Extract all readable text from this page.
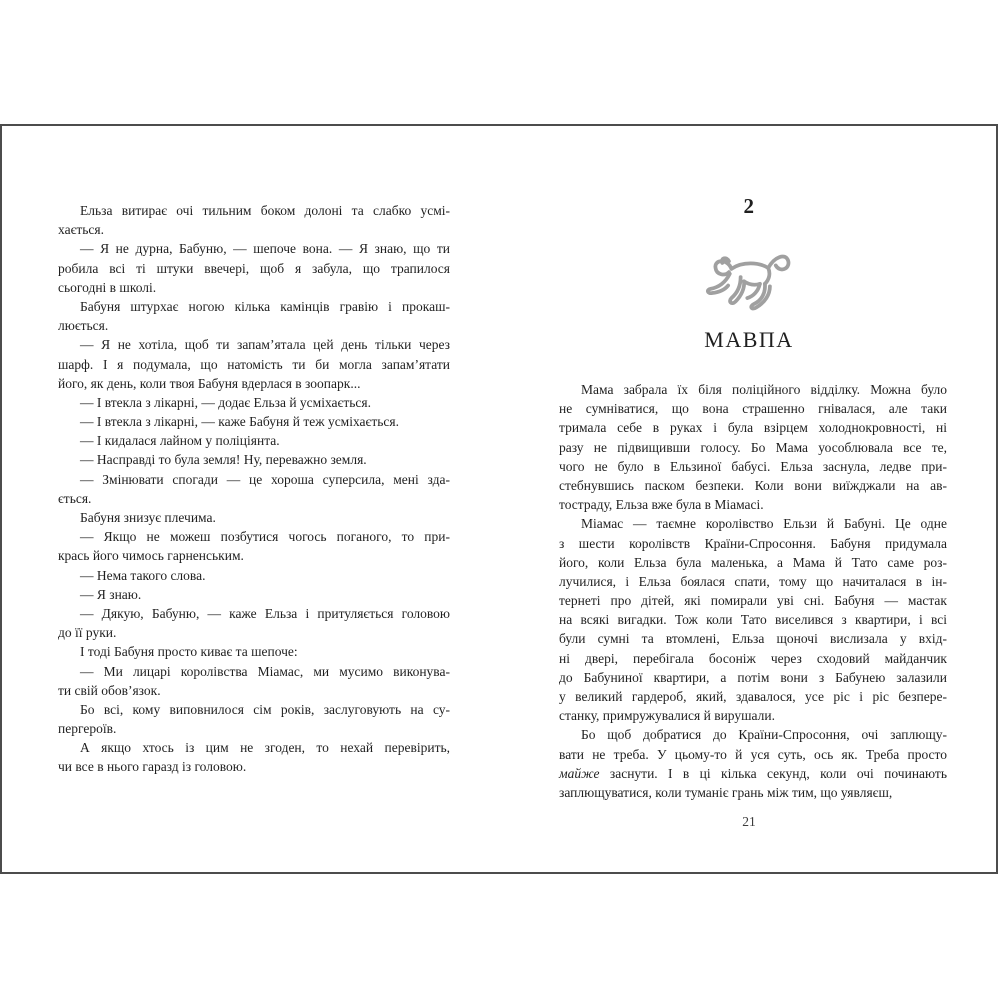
Ельза витирає очі тильним боком долоні та слабко усмі-
хається.
— Я не дурна, Бабуню, — шепоче вона. — Я знаю, що ти
робила всі ті штуки ввечері, щоб я забула, що трапилося
сьогодні в школі.
Бабуня штурхає ногою кілька камінців гравію і прокаш-
люється.
— Я не хотіла, щоб ти запам’ятала цей день тільки через
шарф. І я подумала, що натомість ти би могла запам’ятати
його, як день, коли твоя Бабуня вдерлася в зоопарк...
— І втекла з лікарні, — додає Ельза й усміхається.
— І втекла з лікарні, — каже Бабуня й теж усміхається.
— І кидалася лайном у поліціянта.
— Насправді то була земля! Ну, переважно земля.
— Змінювати спогади — це хороша суперсила, мені зда-
ється.
Бабуня знизує плечима.
— Якщо не можеш позбутися чогось поганого, то при-
крась його чимось гарненським.
— Нема такого слова.
— Я знаю.
— Дякую, Бабуню, — каже Ельза і притуляється головою
до її руки.
І тоді Бабуня просто киває та шепоче:
— Ми лицарі королівства Міамас, ми мусимо виконува-
ти свій обов’язок.
Бо всі, кому виповнилося сім років, заслуговують на су-
пергероїв.
А якщо хтось із цим не згоден, то нехай перевірить,
чи все в нього гаразд із головою.
2
МАВПА
Мама забрала їх біля поліційного відділку. Можна було
не сумніватися, що вона страшенно гнівалася, але таки
тримала себе в руках і була взірцем холоднокровності, ні
разу не підвищивши голосу. Бо Мама уособлювала все те,
чого не було в Ельзиної бабусі. Ельза заснула, ледве при-
стебнувшись паском безпеки. Коли вони виїжджали на ав-
тостраду, Ельза вже була в Міамасі.
Міамас — таємне королівство Ельзи й Бабуні. Це одне
з шести королівств Країни-Спросоння. Бабуня придумала
його, коли Ельза була маленька, а Мама й Тато саме роз-
лучилися, і Ельза боялася спати, тому що начиталася в ін-
тернеті про дітей, які помирали уві сні. Бабуня — мастак
на всякі вигадки. Тож коли Тато виселився з квартири, і всі
були сумні та втомлені, Ельза щоночі вислизала у вхід-
ні двері, перебігала босоніж через сходовий майданчик
до Бабуниної квартири, а потім вони з Бабунею залазили
у великий гардероб, який, здавалося, усе ріс і ріс безпере-
станку, примружувалися й вирушали.
Бо щоб добратися до Країни-Спросоння, очі заплющу-
вати не треба. У цьому-то й уся суть, ось як. Треба просто
майже заснути. І в ці кілька секунд, коли очі починають
заплющуватися, коли туманіє грань між тим, що уявляєш,
21
